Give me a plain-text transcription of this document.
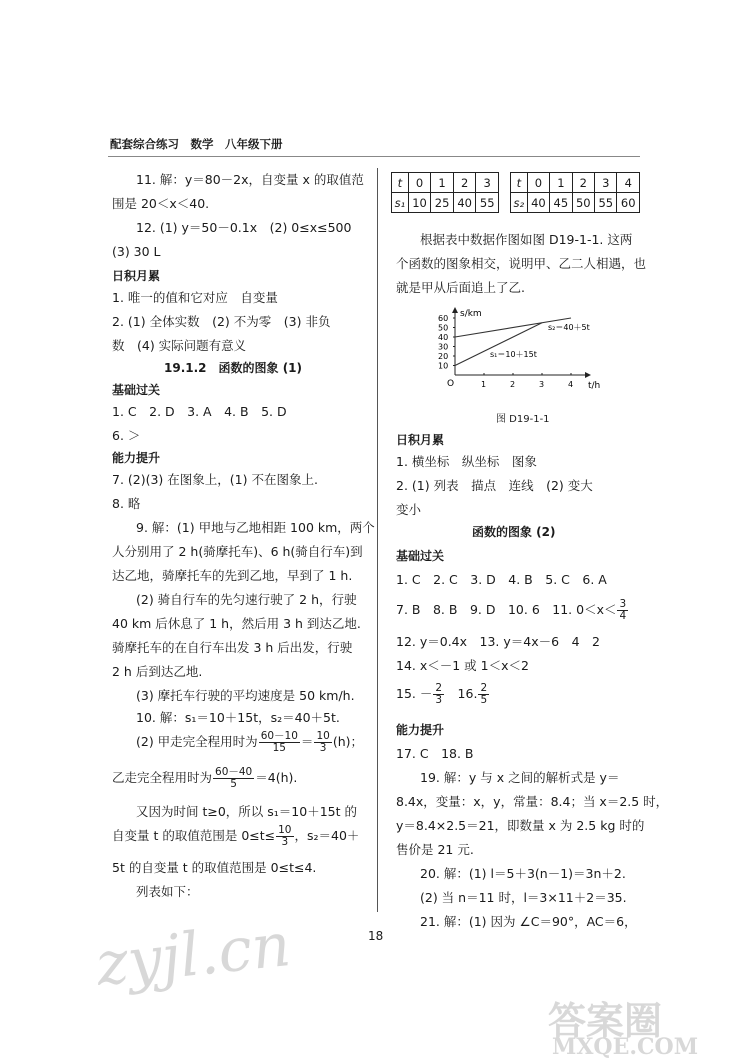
配套综合练习　数学　八年级下册
11. 解：y＝80－2x，自变量 x 的取值范
围是 20＜x＜40.
12. (1) y＝50－0.1x　(2) 0≤x≤500
(3) 30 L
日积月累
1. 唯一的值和它对应　自变量
2. (1) 全体实数　(2) 不为零　(3) 非负
数　(4) 实际问题有意义
19.1.2　函数的图象 (1)
基础过关
1. C　2. D　3. A　4. B　5. D
6. ＞
能力提升
7. (2)(3) 在图象上，(1) 不在图象上.
8. 略
9. 解：(1) 甲地与乙地相距 100 km，两个
人分别用了 2 h(骑摩托车)、6 h(骑自行车)到
达乙地，骑摩托车的先到乙地，早到了 1 h.
(2) 骑自行车的先匀速行驶了 2 h，行驶
40 km 后休息了 1 h，然后用 3 h 到达乙地.
骑摩托车的在自行车出发 3 h 后出发，行驶
2 h 后到达乙地.
(3) 摩托车行驶的平均速度是 50 km/h.
10. 解：s₁＝10＋15t，s₂＝40＋5t.
(2) 甲走完全程用时为 $\frac{60-10}{15} = \frac{10}{3} (h)$；
乙走完全程用时为 $\frac{60-40}{5} =4(h)$.
又因为时间 t≥0，所以 s₁＝10＋15t 的
自变量 t 的取值范围是 $0\le t\le \frac{10}{3}$ ，s₂＝40＋
5t 的自变量 t 的取值范围是 0≤t≤4.
列表如下：
t	0	1	2	3
s₁	10	25	40	55
t	0	1	2	3	4
s₂	40	45	50	55	60
根据表中数据作图如图 D19-1-1. 这两
个函数的图象相交，说明甲、乙二人相遇，也
就是甲从后面追上了乙.
10
20
30
40
50
60
1	2	3	4
s/km
t/h
O
s₁＝10＋15t
s₂＝40＋5t
图 D19-1-1
日积月累
1. 横坐标　纵坐标　图象
2. (1) 列表　描点　连线　(2) 变大
变小
函数的图象 (2)
基础过关
1. C　2. C　3. D　4. B　5. C　6. A
7. B　8. B　9. D　10. 6　11. $0<x< \frac{3}{4}$
12. y＝0.4x　13. y＝4x－6　4　2
14. x＜－1 或 1＜x＜2
15. － $\frac{2}{3}$ 　16. $\frac{2}{5}$
能力提升
17. C　18. B
19. 解：y 与 x 之间的解析式是 y＝
8.4x，变量：x，y，常量：8.4；当 x＝2.5 时，
y＝8.4×2.5＝21，即数量 x 为 2.5 kg 时的
售价是 21 元.
20. 解：(1) l＝5＋3(n－1)＝3n＋2.
(2) 当 n＝11 时，l＝3×11＋2＝35.
21. 解：(1) 因为 ∠C＝90°，AC＝6，
18
zyjl.cn
答案圈
MXQE.COM
